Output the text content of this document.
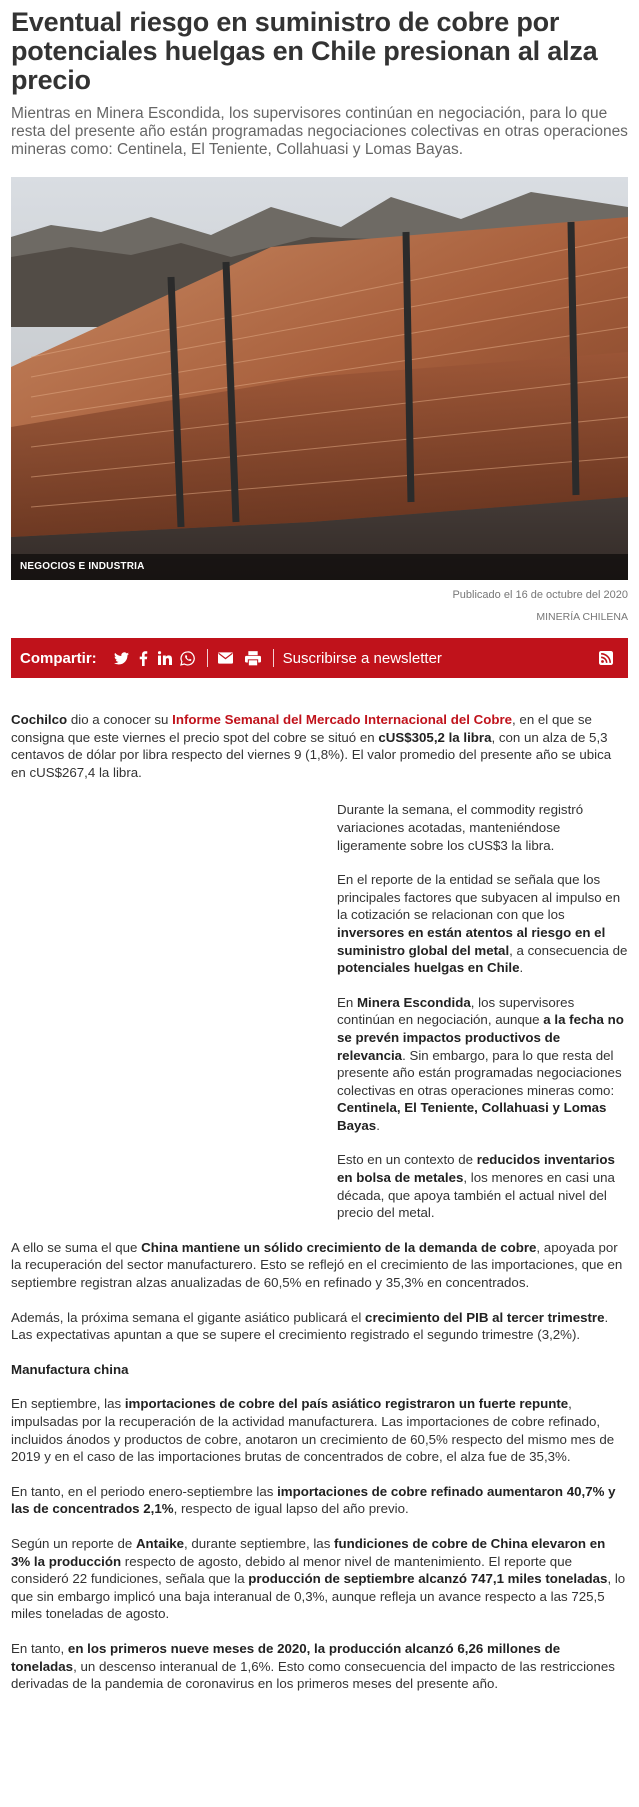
Eventual riesgo en suministro de cobre por potenciales huelgas en Chile presionan al alza precio

Mientras en Minera Escondida, los supervisores continúan en negociación, para lo que resta del presente año están programadas negociaciones colectivas en otras operaciones mineras como: Centinela, El Teniente, Collahuasi y Lomas Bayas.

NEGOCIOS E INDUSTRIA
Publicado el 16 de octubre del 2020
MINERÍA CHILENA
Compartir:	Suscribirse a newsletter

Cochilco dio a conocer su Informe Semanal del Mercado Internacional del Cobre, en el que se consigna que este viernes el precio spot del cobre se situó en cUS$305,2 la libra, con un alza de 5,3 centavos de dólar por libra respecto del viernes 9 (1,8%). El valor promedio del presente año se ubica en cUS$267,4 la libra.

Durante la semana, el commodity registró variaciones acotadas, manteniéndose ligeramente sobre los cUS$3 la libra.

En el reporte de la entidad se señala que los principales factores que subyacen al impulso en la cotización se relacionan con que los inversores en están atentos al riesgo en el suministro global del metal, a consecuencia de potenciales huelgas en Chile.

En Minera Escondida, los supervisores continúan en negociación, aunque a la fecha no se prevén impactos productivos de relevancia. Sin embargo, para lo que resta del presente año están programadas negociaciones colectivas en otras operaciones mineras como: Centinela, El Teniente, Collahuasi y Lomas Bayas.

Esto en un contexto de reducidos inventarios en bolsa de metales, los menores en casi una década, que apoya también el actual nivel del precio del metal.

A ello se suma el que China mantiene un sólido crecimiento de la demanda de cobre, apoyada por la recuperación del sector manufacturero. Esto se reflejó en el crecimiento de las importaciones, que en septiembre registran alzas anualizadas de 60,5% en refinado y 35,3% en concentrados.

Además, la próxima semana el gigante asiático publicará el crecimiento del PIB al tercer trimestre. Las expectativas apuntan a que se supere el crecimiento registrado el segundo trimestre (3,2%).

Manufactura china

En septiembre, las importaciones de cobre del país asiático registraron un fuerte repunte, impulsadas por la recuperación de la actividad manufacturera. Las importaciones de cobre refinado, incluidos ánodos y productos de cobre, anotaron un crecimiento de 60,5% respecto del mismo mes de 2019 y en el caso de las importaciones brutas de concentrados de cobre, el alza fue de 35,3%.

En tanto, en el periodo enero-septiembre las importaciones de cobre refinado aumentaron 40,7% y las de concentrados 2,1%, respecto de igual lapso del año previo.

Según un reporte de Antaike, durante septiembre, las fundiciones de cobre de China elevaron en 3% la producción respecto de agosto, debido al menor nivel de mantenimiento. El reporte que consideró 22 fundiciones, señala que la producción de septiembre alcanzó 747,1 miles toneladas, lo que sin embargo implicó una baja interanual de 0,3%, aunque refleja un avance respecto a las 725,5 miles toneladas de agosto.

En tanto, en los primeros nueve meses de 2020, la producción alcanzó 6,26 millones de toneladas, un descenso interanual de 1,6%. Esto como consecuencia del impacto de las restricciones derivadas de la pandemia de coronavirus en los primeros meses del presente año.
